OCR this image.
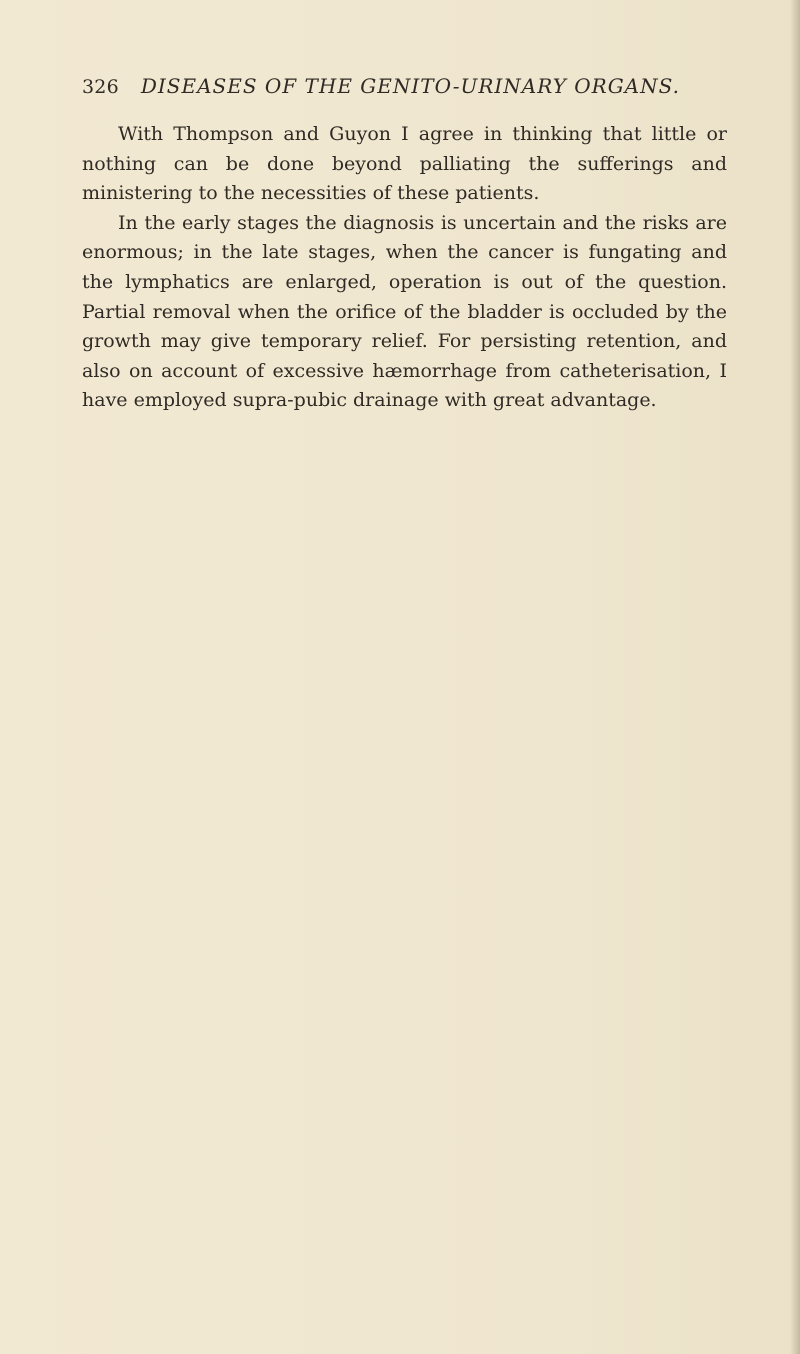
326 DISEASES OF THE GENITO-URINARY ORGANS.

With Thompson and Guyon I agree in thinking that little or nothing can be done beyond palliating the sufferings and ministering to the necessities of these patients.

In the early stages the diagnosis is uncertain and the risks are enormous; in the late stages, when the cancer is fungating and the lymphatics are enlarged, operation is out of the question. Partial removal when the orifice of the bladder is occluded by the growth may give temporary relief. For persisting retention, and also on account of excessive hæmorrhage from catheterisation, I have employed supra-pubic drainage with great advantage.
